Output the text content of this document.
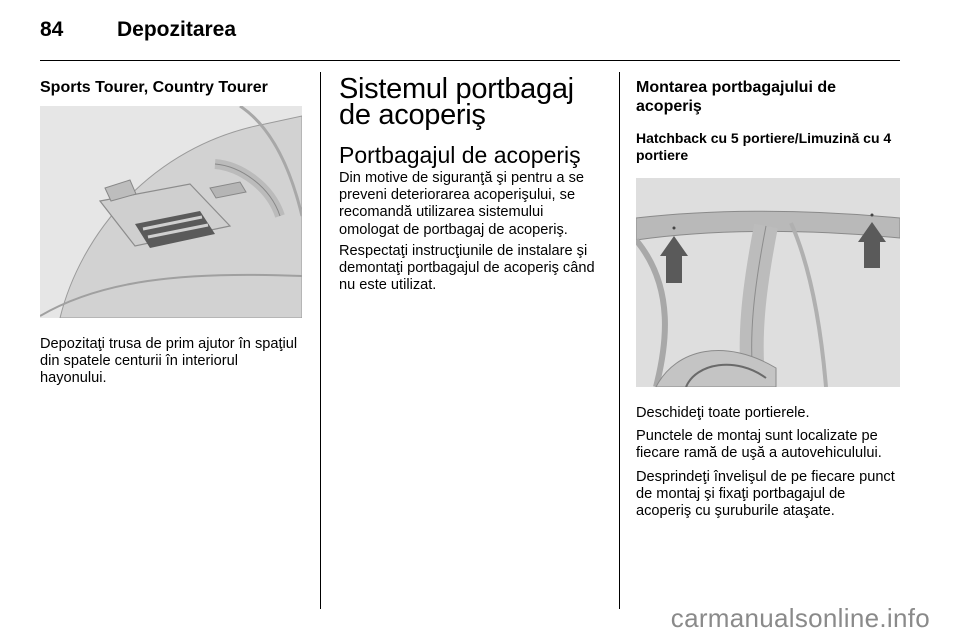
84	Depozitarea
Sports Tourer, Country Tourer

Depozitaţi trusa de prim ajutor în spaţiul din spatele centurii în interiorul hayonului.

Sistemul portbagaj de acoperiş
Portbagajul de acoperiş

Din motive de siguranţă şi pentru a se preveni deteriorarea acoperişului, se recomandă utilizarea sistemului omologat de portbagaj de acoperiş.

Respectaţi instrucţiunile de instalare şi demontaţi portbagajul de acoperiş când nu este utilizat.

Montarea portbagajului de acoperiş
Hatchback cu 5 portiere/Limuzină cu 4 portiere

Deschideţi toate portierele.

Punctele de montaj sunt localizate pe fiecare ramă de uşă a autovehiculului.

Desprindeţi învelişul de pe fiecare punct de montaj şi fixaţi portbagajul de acoperiş cu şuruburile ataşate.

carmanualsonline.info
